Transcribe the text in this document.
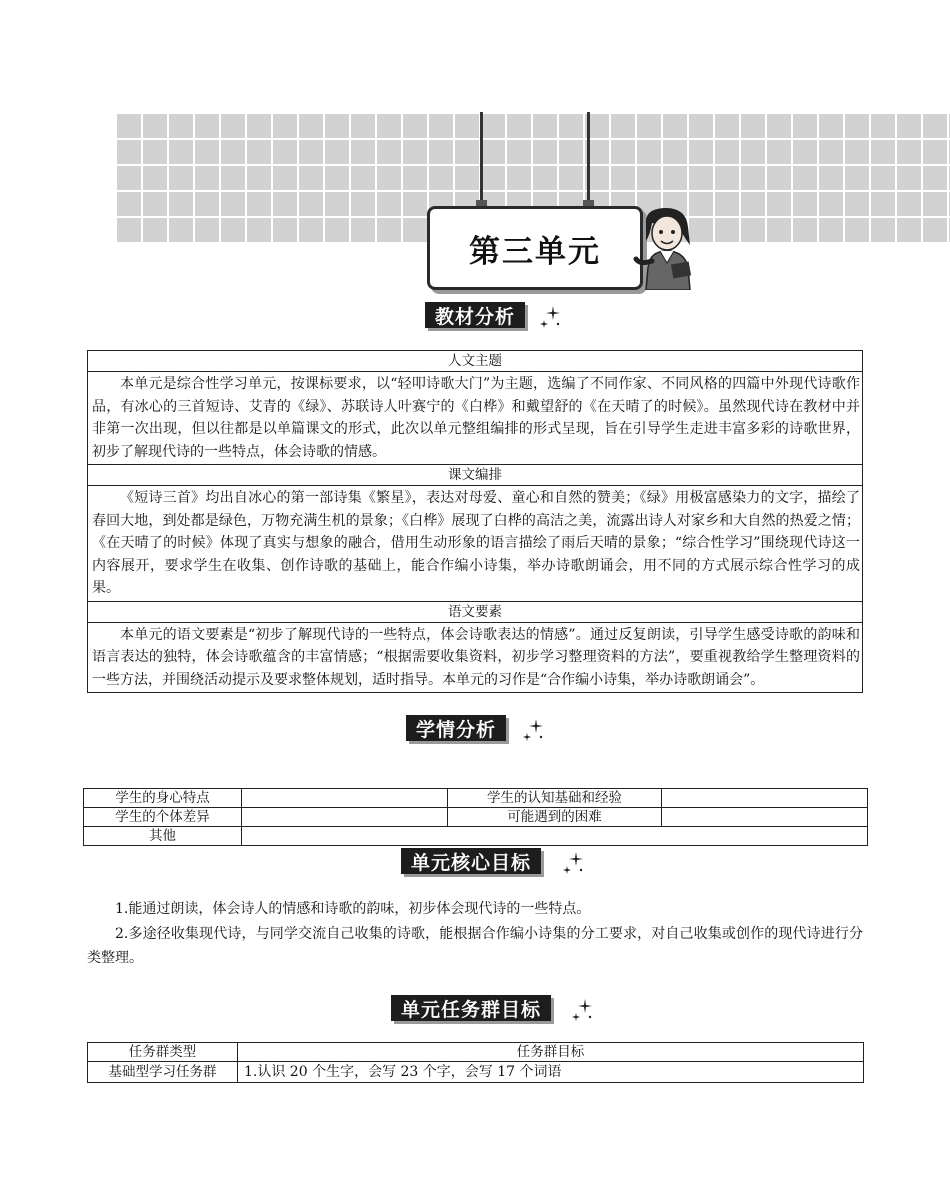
第三单元
教材分析
人文主题
本单元是综合性学习单元，按课标要求，以“轻叩诗歌大门”为主题，选编了不同作家、不同风格的四篇中外现代诗歌作品，有冰心的三首短诗、艾青的《绿》、苏联诗人叶赛宁的《白桦》和戴望舒的《在天晴了的时候》。虽然现代诗在教材中并非第一次出现，但以往都是以单篇课文的形式，此次以单元整组编排的形式呈现，旨在引导学生走进丰富多彩的诗歌世界，初步了解现代诗的一些特点，体会诗歌的情感。
课文编排
《短诗三首》均出自冰心的第一部诗集《繁星》，表达对母爱、童心和自然的赞美；《绿》用极富感染力的文字，描绘了春回大地，到处都是绿色，万物充满生机的景象；《白桦》展现了白桦的高洁之美，流露出诗人对家乡和大自然的热爱之情；《在天晴了的时候》体现了真实与想象的融合，借用生动形象的语言描绘了雨后天晴的景象；“综合性学习”围绕现代诗这一内容展开，要求学生在收集、创作诗歌的基础上，能合作编小诗集，举办诗歌朗诵会，用不同的方式展示综合性学习的成果。
语文要素
本单元的语文要素是“初步了解现代诗的一些特点，体会诗歌表达的情感”。通过反复朗读，引导学生感受诗歌的韵味和语言表达的独特，体会诗歌蕴含的丰富情感；“根据需要收集资料，初步学习整理资料的方法”，要重视教给学生整理资料的一些方法，并围绕活动提示及要求整体规划，适时指导。本单元的习作是“合作编小诗集，举办诗歌朗诵会”。
学情分析
学生的身心特点		学生的认知基础和经验	
学生的个体差异		可能遇到的困难	
其他			
单元核心目标
1.能通过朗读，体会诗人的情感和诗歌的韵味，初步体会现代诗的一些特点。
2.多途径收集现代诗，与同学交流自己收集的诗歌，能根据合作编小诗集的分工要求，对自己收集或创作的现代诗进行分类整理。
单元任务群目标
任务群类型	任务群目标
基础型学习任务群	1.认识 20 个生字，会写 23 个字，会写 17 个词语
